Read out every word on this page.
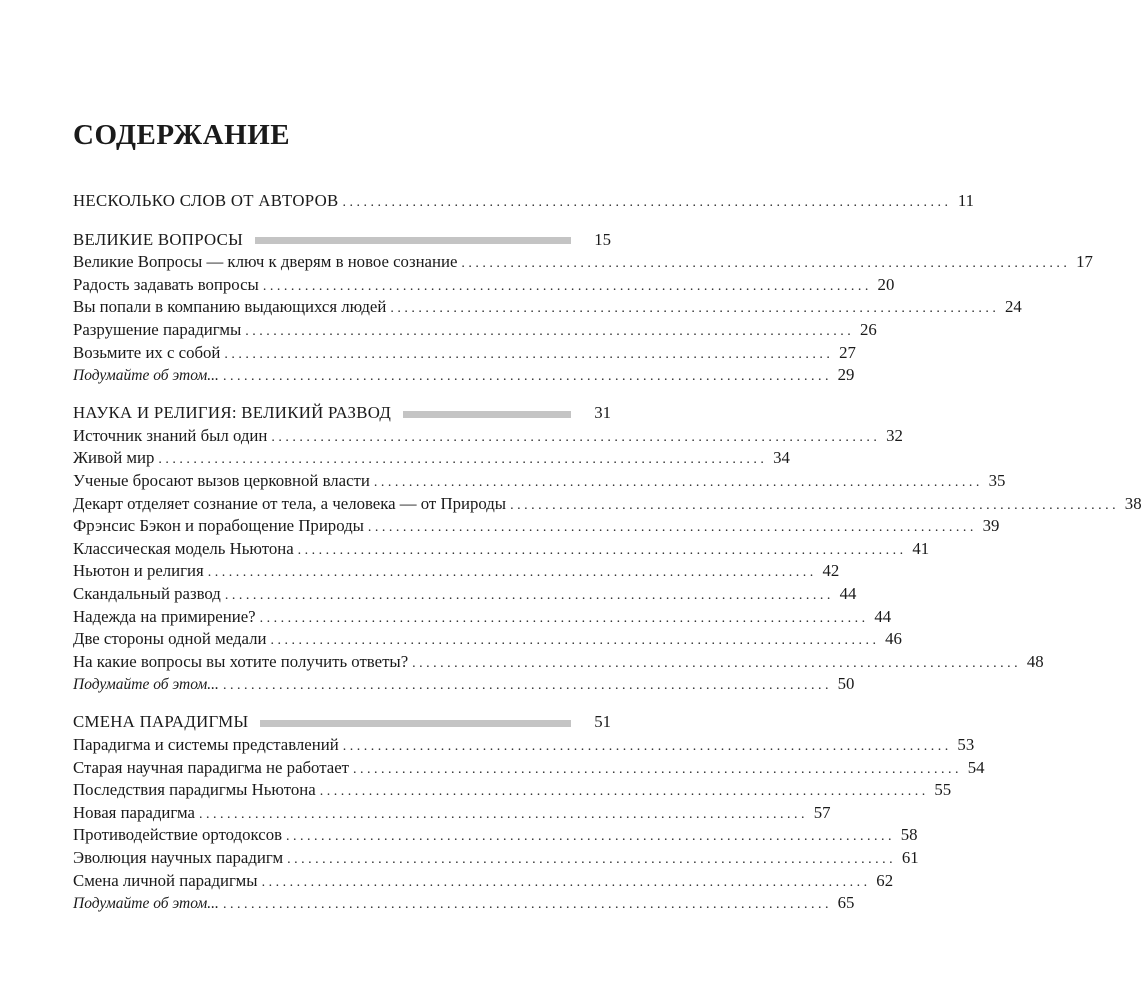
СОДЕРЖАНИЕ
НЕСКОЛЬКО СЛОВ ОТ АВТОРОВ . . .	11
ВЕЛИКИЕ ВОПРОСЫ	15
Великие Вопросы — ключ к дверям в новое сознание . . .	17
Радость задавать вопросы . . .	20
Вы попали в компанию выдающихся людей . . .	24
Разрушение парадигмы . . .	26
Возьмите их с собой . . .	27
Подумайте об этом... . . .	29
НАУКА И РЕЛИГИЯ: ВЕЛИКИЙ РАЗВОД	31
Источник знаний был один . . .	32
Живой мир . . .	34
Ученые бросают вызов церковной власти . . .	35
Декарт отделяет сознание от тела, а человека — от Природы . . .	38
Фрэнсис Бэкон и порабощение Природы . . .	39
Классическая модель Ньютона . . .	41
Ньютон и религия . . .	42
Скандальный развод . . .	44
Надежда на примирение? . . .	44
Две стороны одной медали . . .	46
На какие вопросы вы хотите получить ответы? . . .	48
Подумайте об этом... . . .	50
СМЕНА ПАРАДИГМЫ	51
Парадигма и системы представлений . . .	53
Старая научная парадигма не работает . . .	54
Последствия парадигмы Ньютона . . .	55
Новая парадигма . . .	57
Противодействие ортодоксов . . .	58
Эволюция научных парадигм . . .	61
Смена личной парадигмы . . .	62
Подумайте об этом... . . .	65
